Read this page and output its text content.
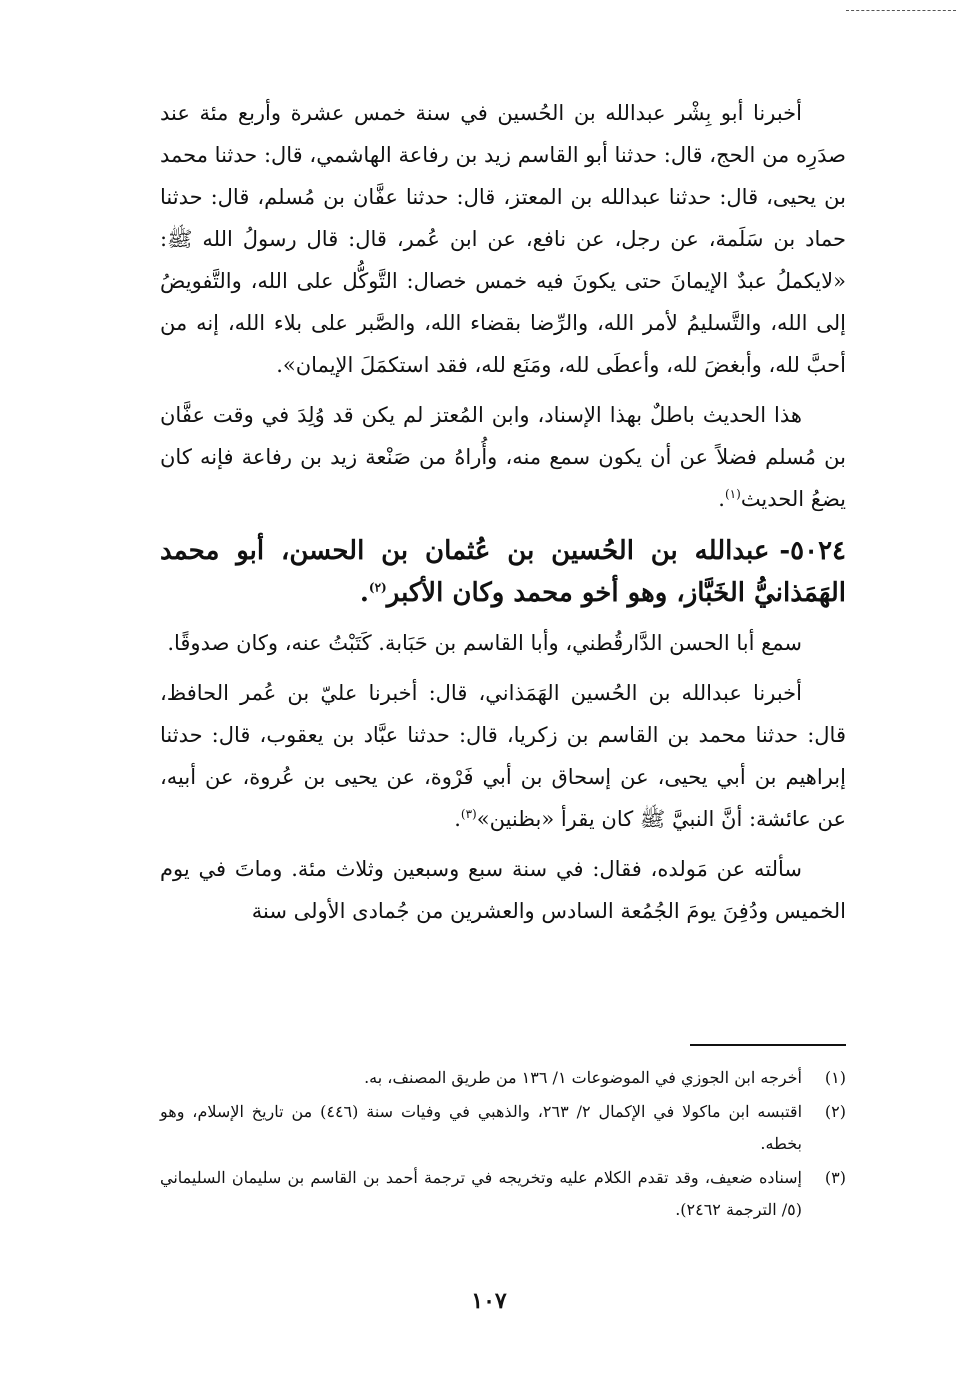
أخبرنا أبو بِشْر عبدالله بن الحُسين في سنة خمس عشرة وأربع مئة عند صدَرِه من الحج، قال: حدثنا أبو القاسم زيد بن رفاعة الهاشمي، قال: حدثنا محمد بن يحيى، قال: حدثنا عبدالله بن المعتز، قال: حدثنا عفَّان بن مُسلم، قال: حدثنا حماد بن سَلَمة، عن رجل، عن نافع، عن ابن عُمر، قال: قال رسولُ الله ﷺ: «لايكملُ عبدٌ الإيمانَ حتى يكونَ فيه خمس خصال: التَّوكُّل على الله، والتَّفويضُ إلى الله، والتَّسليمُ لأمر الله، والرِّضا بقضاء الله، والصَّبر على بلاء الله، إنه من أحبَّ لله، وأبغضَ لله، وأعطَى لله، ومَنَع لله، فقد استكمَلَ الإيمان».

هذا الحديث باطلٌ بهذا الإسناد، وابن المُعتز لم يكن قد وُلِدَ في وقت عفَّان بن مُسلم فضلاً عن أن يكون سمع منه، وأُراهُ من صَنْعة زيد بن رفاعة فإنه كان يضعُ الحديث$^{(١)}$.

٥٠٢٤-عبدالله بن الحُسين بن عُثمان بن الحسن، أبو محمد الهَمَذانيُّ الخَبَّاز، وهو أخو محمد وكان الأكبر$^{(٢)}$.

سمع أبا الحسن الدَّارقُطني، وأبا القاسم بن حَبَابة. كَتَبْتُ عنه، وكان صدوقًا.

أخبرنا عبدالله بن الحُسين الهَمَذاني، قال: أخبرنا عليّ بن عُمر الحافظ، قال: حدثنا محمد بن القاسم بن زكريا، قال: حدثنا عبَّاد بن يعقوب، قال: حدثنا إبراهيم بن أبي يحيى، عن إسحاق بن أبي فَرْوة، عن يحيى بن عُروة، عن أبيه، عن عائشة: أنَّ النبيَّ ﷺ كان يقرأ «بظنين»$^{(٣)}$.

سألته عن مَولده، فقال: في سنة سبع وسبعين وثلاث مئة. وماتَ في يوم الخميس ودُفِنَ يومَ الجُمُعة السادس والعشرين من جُمادى الأولى سنة

(١)
أخرجه ابن الجوزي في الموضوعات ١/ ١٣٦ من طريق المصنف، به.
(٢)
اقتبسه ابن ماكولا في الإكمال ٢/ ٢٦٣، والذهبي في وفيات سنة (٤٤٦) من تاريخ الإسلام، وهو بخطه.
(٣)
إسناده ضعيف، وقد تقدم الكلام عليه وتخريجه في ترجمة أحمد بن القاسم بن سليمان السليماني (٥/ الترجمة ٢٤٦٢).
١٠٧
